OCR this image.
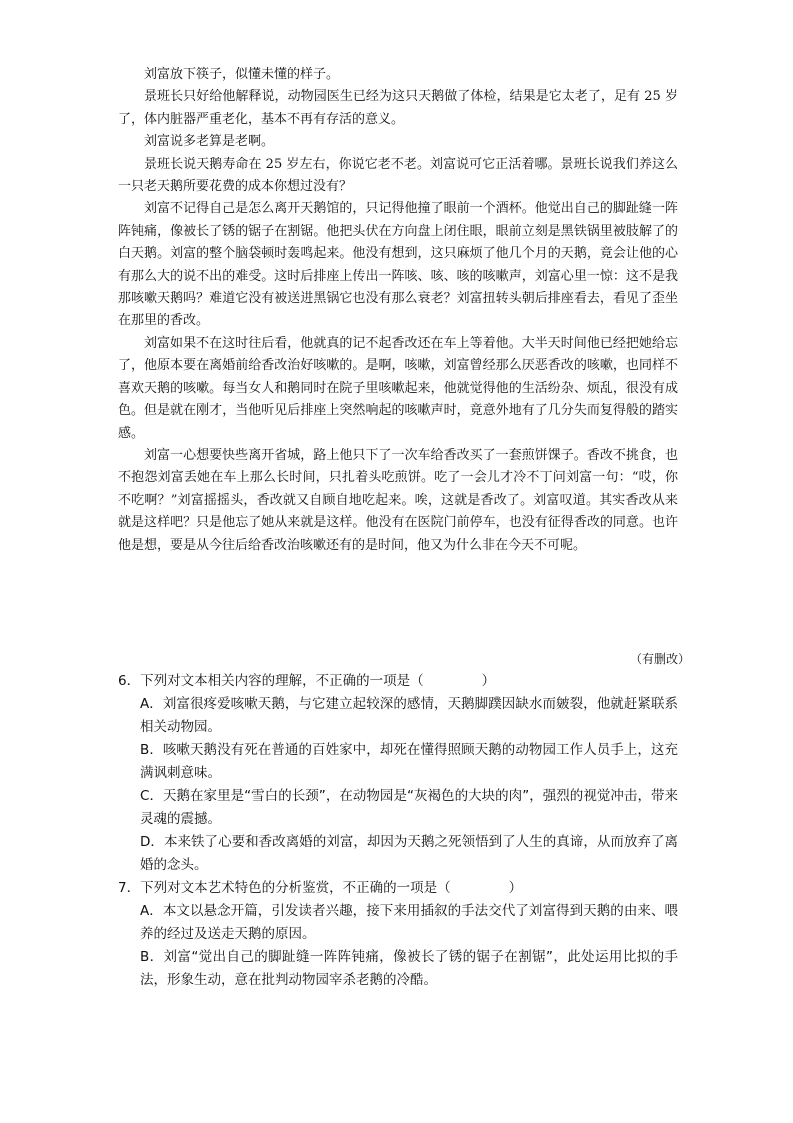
刘富放下筷子，似懂未懂的样子。

景班长只好给他解释说，动物园医生已经为这只天鹅做了体检，结果是它太老了，足有 25 岁了，体内脏器严重老化，基本不再有存活的意义。

刘富说多老算是老啊。

景班长说天鹅寿命在 25 岁左右，你说它老不老。刘富说可它正活着哪。景班长说我们养这么一只老天鹅所要花费的成本你想过没有？

刘富不记得自己是怎么离开天鹅馆的，只记得他撞了眼前一个酒杯。他觉出自己的脚趾缝一阵阵钝痛，像被长了锈的锯子在割锯。他把头伏在方向盘上闭住眼，眼前立刻是黑铁锅里被肢解了的白天鹅。刘富的整个脑袋顿时轰鸣起来。他没有想到，这只麻烦了他几个月的天鹅，竟会让他的心有那么大的说不出的难受。这时后排座上传出一阵咳、咳、咳的咳嗽声，刘富心里一惊：这不是我那咳嗽天鹅吗？难道它没有被送进黑锅它也没有那么衰老？刘富扭转头朝后排座看去，看见了歪坐在那里的香改。

刘富如果不在这时往后看，他就真的记不起香改还在车上等着他。大半天时间他已经把她给忘了，他原本要在离婚前给香改治好咳嗽的。是啊，咳嗽，刘富曾经那么厌恶香改的咳嗽，也同样不喜欢天鹅的咳嗽。每当女人和鹅同时在院子里咳嗽起来，他就觉得他的生活纷杂、烦乱，很没有成色。但是就在刚才，当他听见后排座上突然响起的咳嗽声时，竟意外地有了几分失而复得般的踏实感。

刘富一心想要快些离开省城，路上他只下了一次车给香改买了一套煎饼馃子。香改不挑食，也不抱怨刘富丢她在车上那么长时间，只扎着头吃煎饼。吃了一会儿才冷不丁问刘富一句：“哎，你不吃啊？”刘富摇摇头，香改就又自顾自地吃起来。唉，这就是香改了。刘富叹道。其实香改从来就是这样吧？只是他忘了她从来就是这样。他没有在医院门前停车，也没有征得香改的同意。也许他是想，要是从今往后给香改治咳嗽还有的是时间，他又为什么非在今天不可呢。

（有删改）

6．下列对文本相关内容的理解，不正确的一项是（	）

A．刘富很疼爱咳嗽天鹅，与它建立起较深的感情，天鹅脚蹼因缺水而皴裂，他就赶紧联系相关动物园。

B．咳嗽天鹅没有死在普通的百姓家中，却死在懂得照顾天鹅的动物园工作人员手上，这充满讽刺意味。

C．天鹅在家里是“雪白的长颈”，在动物园是“灰褐色的大块的肉”，强烈的视觉冲击，带来灵魂的震撼。

D．本来铁了心要和香改离婚的刘富，却因为天鹅之死领悟到了人生的真谛，从而放弃了离婚的念头。

7．下列对文本艺术特色的分析鉴赏，不正确的一项是（	）

A．本文以悬念开篇，引发读者兴趣，接下来用插叙的手法交代了刘富得到天鹅的由来、喂养的经过及送走天鹅的原因。

B．刘富“觉出自己的脚趾缝一阵阵钝痛，像被长了锈的锯子在割锯”，此处运用比拟的手法，形象生动，意在批判动物园宰杀老鹅的冷酷。
